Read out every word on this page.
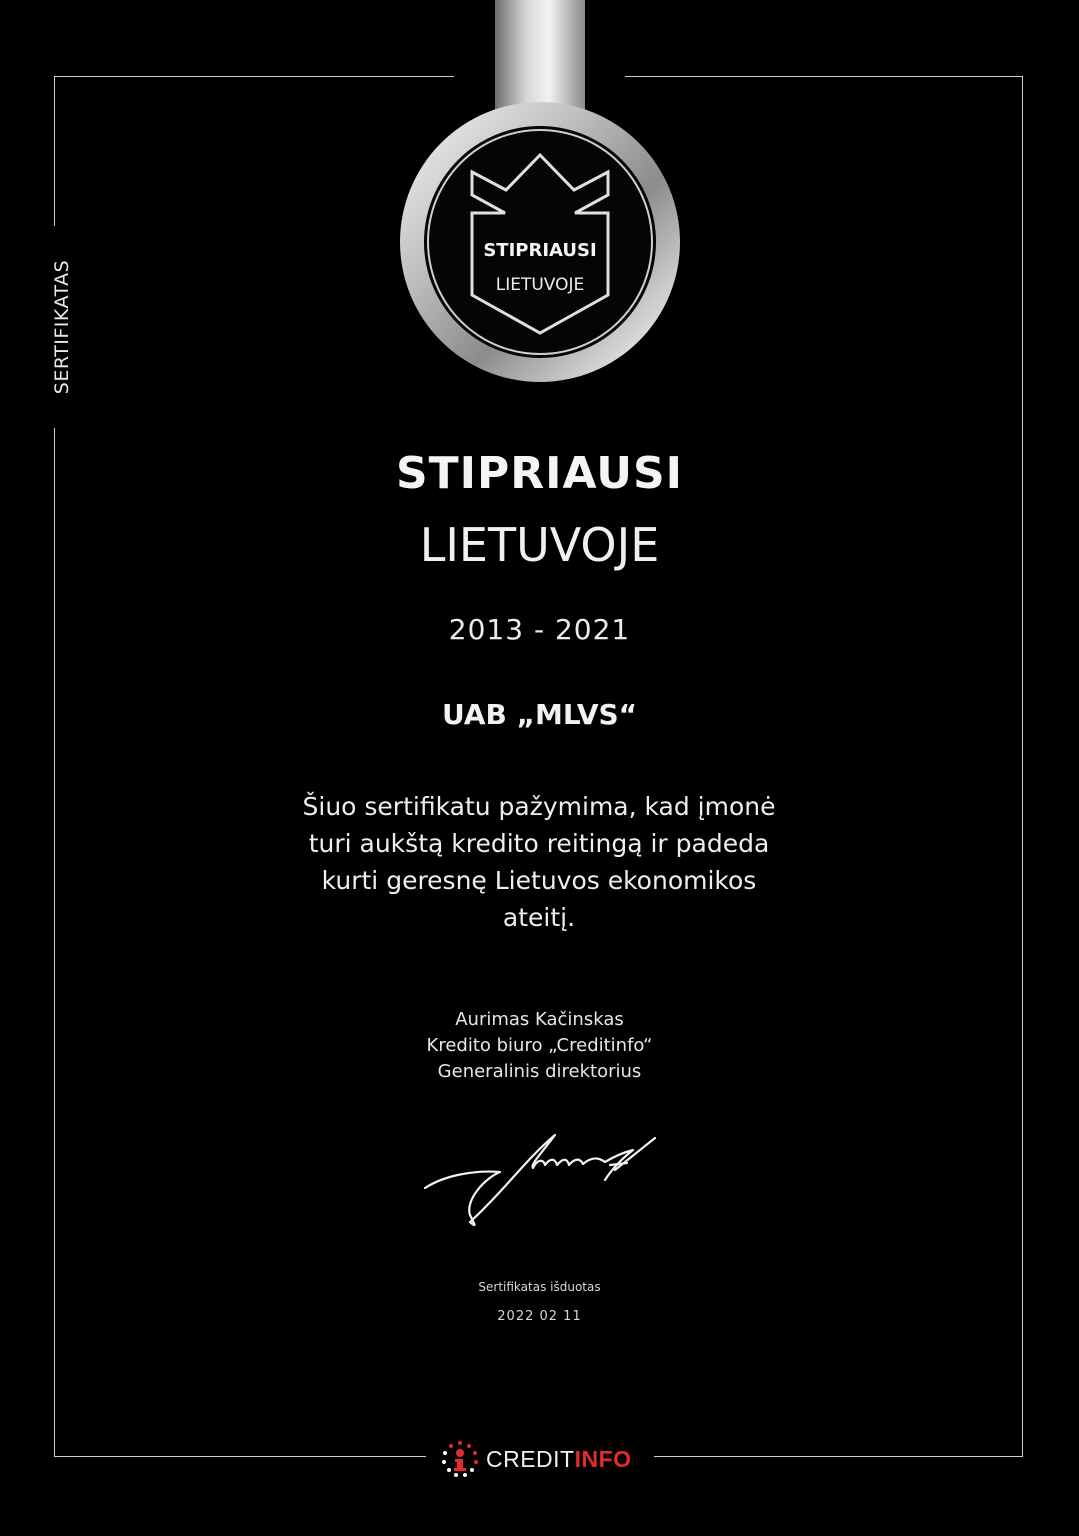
SERTIFIKATAS
STIPRIAUSI
LIETUVOJE
STIPRIAUSI
LIETUVOJE
2013 - 2021
UAB „MLVS“
Šiuo sertifikatu pažymima, kad įmonė turi aukštą kredito reitingą ir padeda kurti geresnę Lietuvos ekonomikos ateitį.
Aurimas Kačinskas
Kredito biuro „Creditinfo“
Generalinis direktorius
Sertifikatas išduotas
2022 02 11
CREDIT INFO
